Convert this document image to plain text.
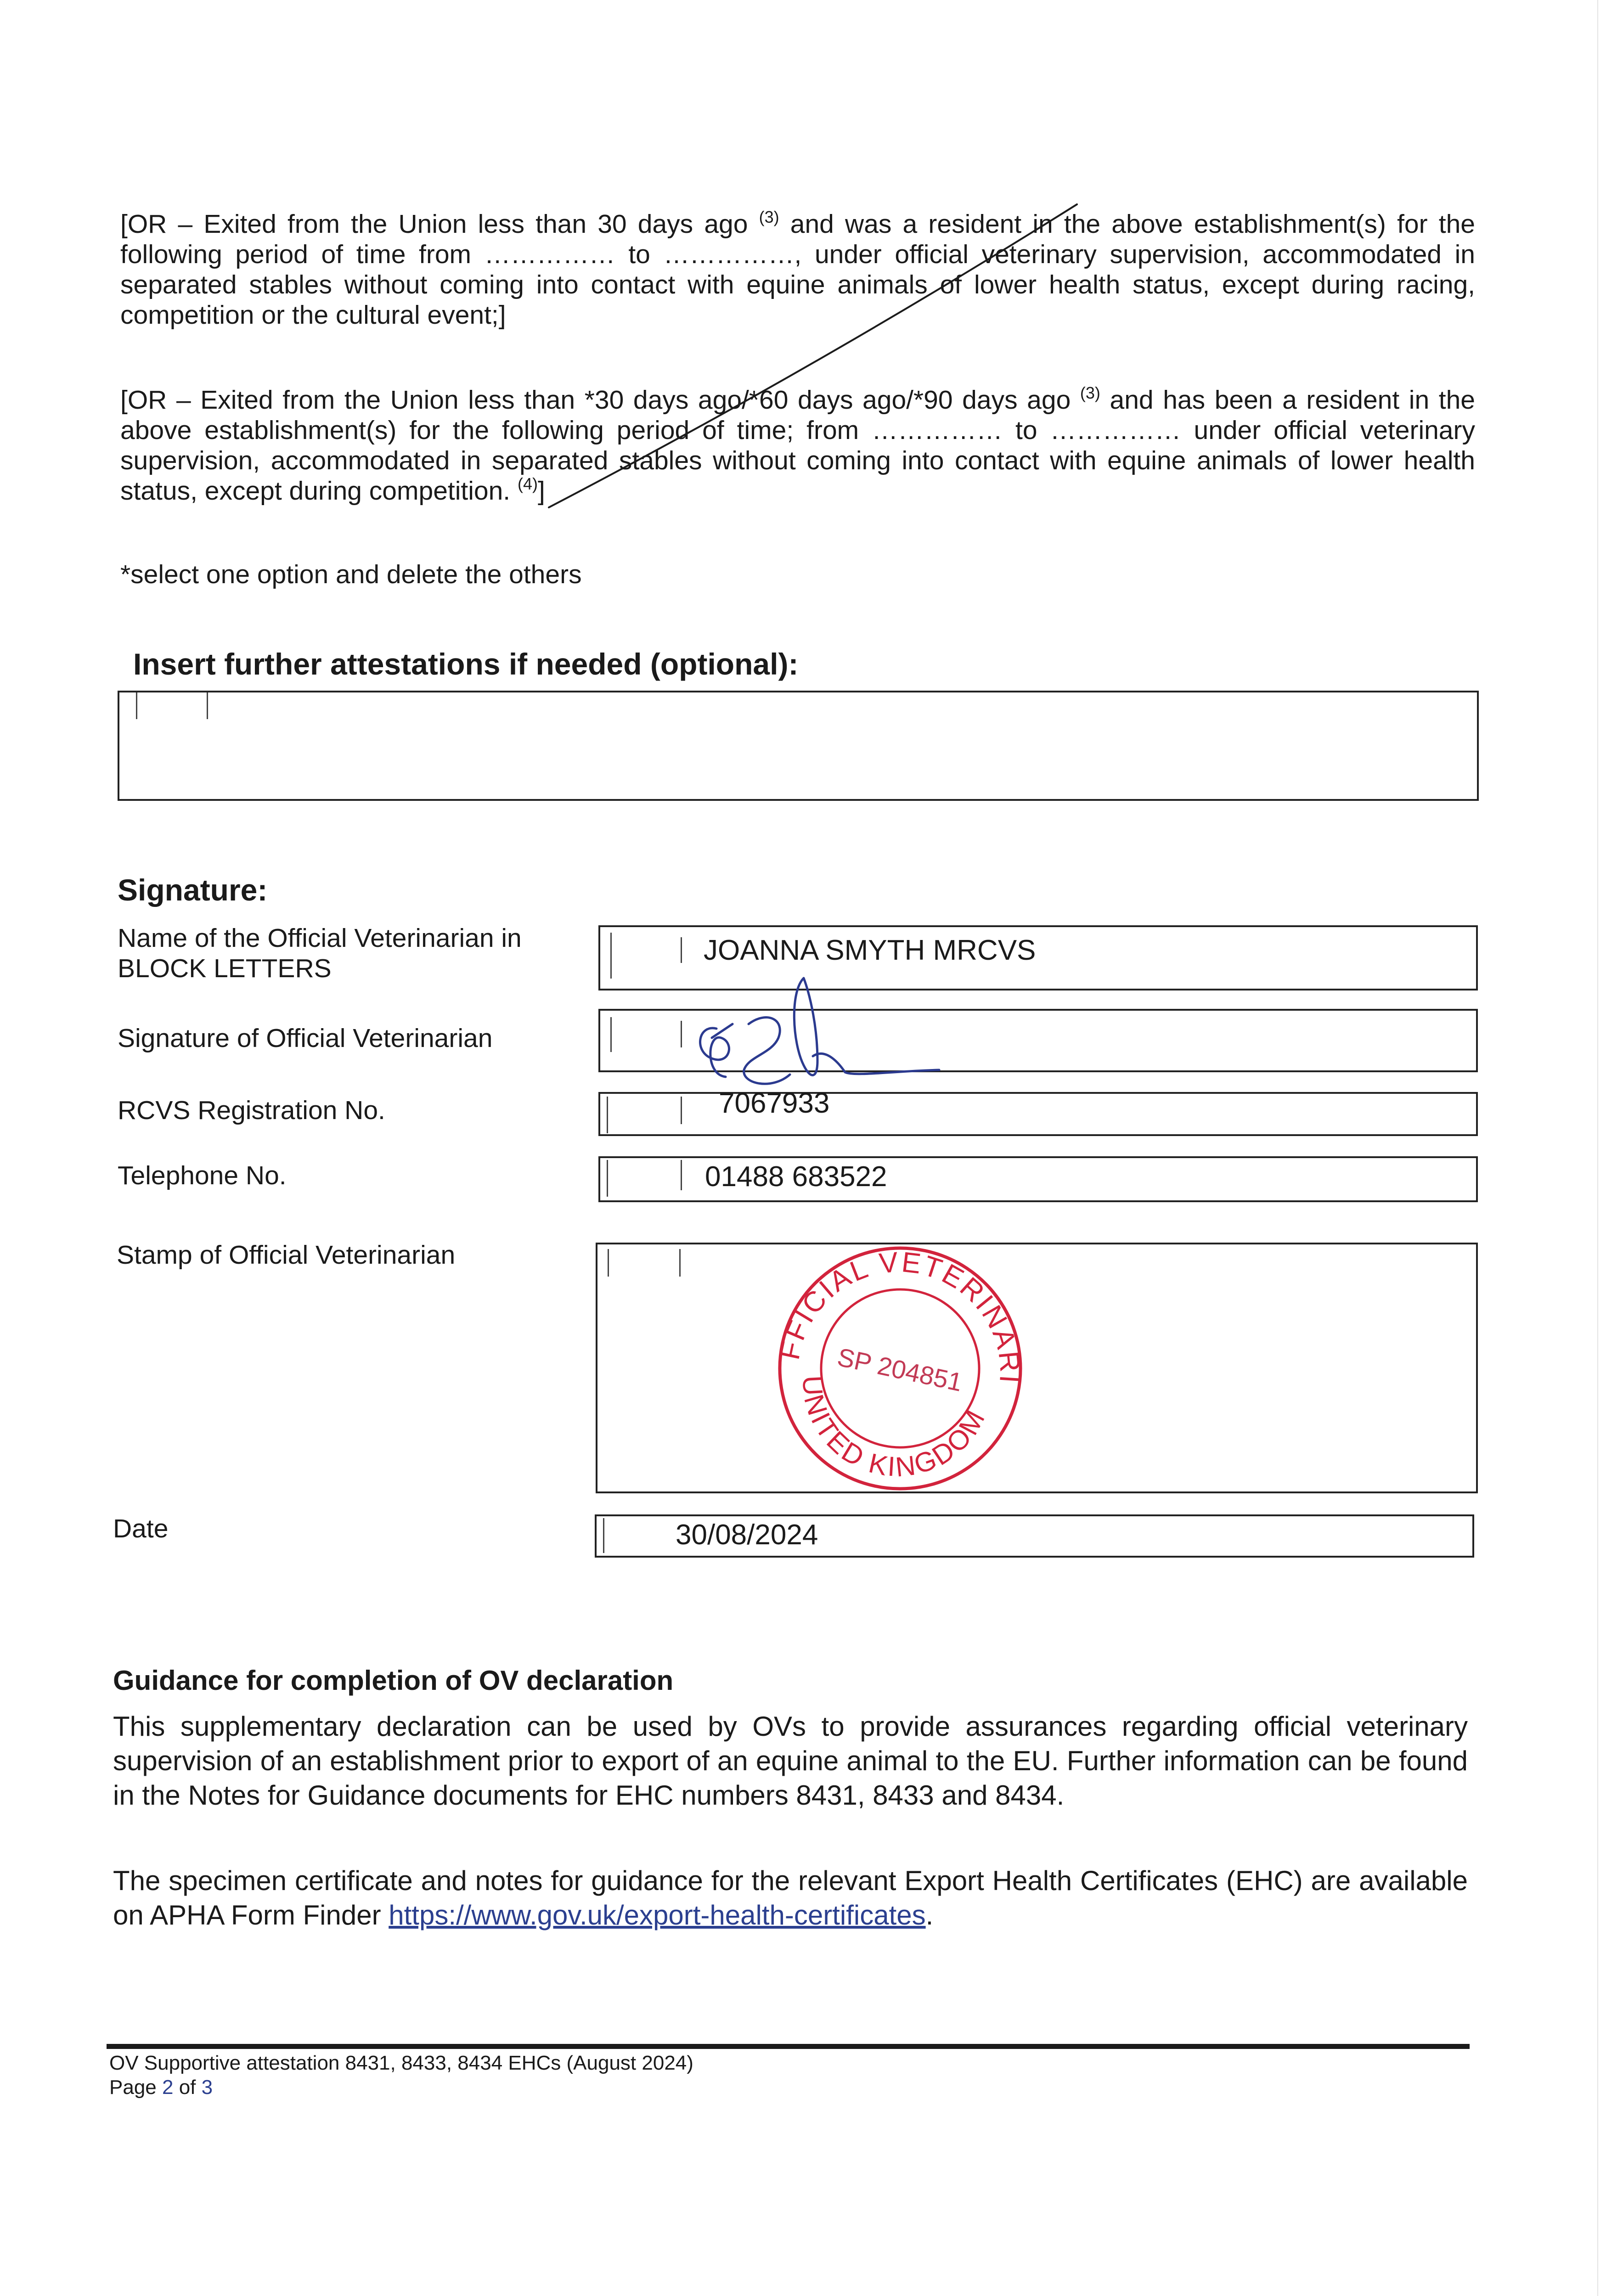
[OR – Exited from the Union less than 30 days ago $^{(3)}$ and was a resident in the above establishment(s) for the following period of time from …………… to ……………, under official veterinary supervision, accommodated in separated stables without coming into contact with equine animals of lower health status, except during racing, competition or the cultural event;]

[OR – Exited from the Union less than *30 days ago/*60 days ago/*90 days ago $^{(3)}$ and has been a resident in the above establishment(s) for the following period of time; from …………… to …………… under official veterinary supervision, accommodated in separated stables without coming into contact with equine animals of lower health status, except during competition. $^{(4)}$]

*select one option and delete the others
Insert further attestations if needed (optional):
Signature:
Name of the Official Veterinarian in BLOCK LETTERS
JOANNA SMYTH MRCVS
Signature of Official Veterinarian
RCVS Registration No.	7067933
Telephone No.	01488 683522
Stamp of Official Veterinarian
OFFICIAL VETERINARIAN
UNITED KINGDOM
SP 204851
Date	30/08/2024
Guidance for completion of OV declaration

This supplementary declaration can be used by OVs to provide assurances regarding official veterinary supervision of an establishment prior to export of an equine animal to the EU. Further information can be found in the Notes for Guidance documents for EHC numbers 8431, 8433 and 8434.

The specimen certificate and notes for guidance for the relevant Export Health Certificates (EHC) are available on APHA Form Finder https://www.gov.uk/export-health-certificates.

OV Supportive attestation 8431, 8433, 8434 EHCs (August 2024)
Page 2 of 3
